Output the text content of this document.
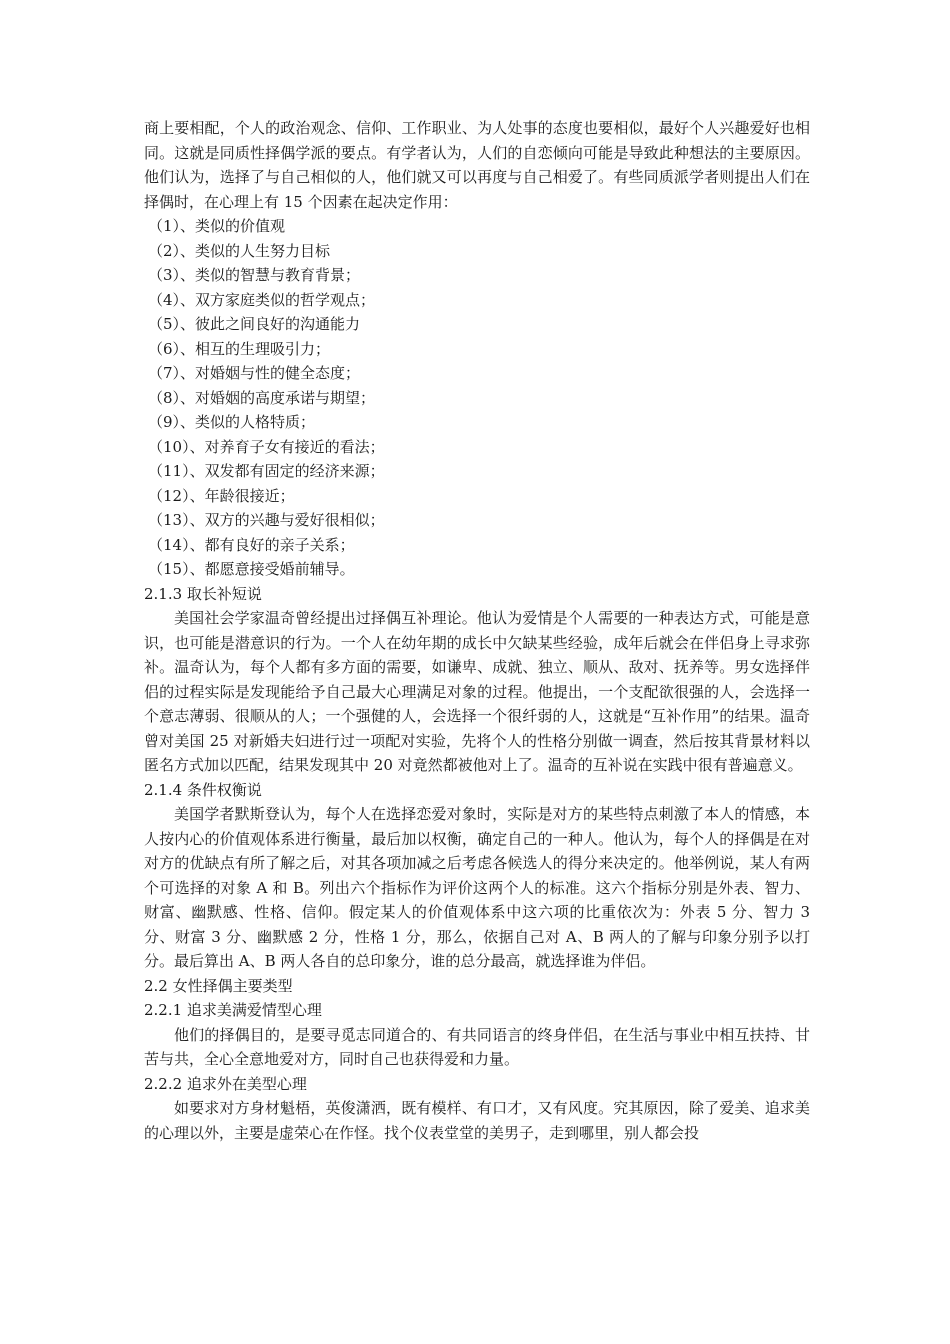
商上要相配，个人的政治观念、信仰、工作职业、为人处事的态度也要相似，最好个人兴趣爱好也相同。这就是同质性择偶学派的要点。有学者认为，人们的自恋倾向可能是导致此种想法的主要原因。他们认为，选择了与自己相似的人，他们就又可以再度与自己相爱了。有些同质派学者则提出人们在择偶时，在心理上有 15 个因素在起决定作用：

（1）、类似的价值观

（2）、类似的人生努力目标

（3）、类似的智慧与教育背景；

（4）、双方家庭类似的哲学观点；

（5）、彼此之间良好的沟通能力

（6）、相互的生理吸引力；

（7）、对婚姻与性的健全态度；

（8）、对婚姻的高度承诺与期望；

（9）、类似的人格特质；

（10）、对养育子女有接近的看法；

（11）、双发都有固定的经济来源；

（12）、年龄很接近；

（13）、双方的兴趣与爱好很相似；

（14）、都有良好的亲子关系；

（15）、都愿意接受婚前辅导。

2.1.3 取长补短说

美国社会学家温奇曾经提出过择偶互补理论。他认为爱情是个人需要的一种表达方式，可能是意识，也可能是潜意识的行为。一个人在幼年期的成长中欠缺某些经验，成年后就会在伴侣身上寻求弥补。温奇认为，每个人都有多方面的需要，如谦卑、成就、独立、顺从、敌对、抚养等。男女选择伴侣的过程实际是发现能给予自己最大心理满足对象的过程。他提出，一个支配欲很强的人，会选择一个意志薄弱、很顺从的人；一个强健的人，会选择一个很纤弱的人，这就是“互补作用”的结果。温奇曾对美国 25 对新婚夫妇进行过一项配对实验，先将个人的性格分别做一调查，然后按其背景材料以匿名方式加以匹配，结果发现其中 20 对竟然都被他对上了。温奇的互补说在实践中很有普遍意义。

2.1.4 条件权衡说

美国学者默斯登认为，每个人在选择恋爱对象时，实际是对方的某些特点刺激了本人的情感，本人按内心的价值观体系进行衡量，最后加以权衡，确定自己的一种人。他认为，每个人的择偶是在对对方的优缺点有所了解之后，对其各项加减之后考虑各候选人的得分来决定的。他举例说，某人有两个可选择的对象 A 和 B。列出六个指标作为评价这两个人的标准。这六个指标分别是外表、智力、财富、幽默感、性格、信仰。假定某人的价值观体系中这六项的比重依次为：外表 5 分、智力 3 分、财富 3 分、幽默感 2 分，性格 1 分，那么，依据自己对 A、B 两人的了解与印象分别予以打分。最后算出 A、B 两人各自的总印象分，谁的总分最高，就选择谁为伴侣。

2.2 女性择偶主要类型

2.2.1 追求美满爱情型心理

他们的择偶目的，是要寻觅志同道合的、有共同语言的终身伴侣，在生活与事业中相互扶持、甘苦与共，全心全意地爱对方，同时自己也获得爱和力量。

2.2.2 追求外在美型心理

如要求对方身材魁梧，英俊潇洒，既有模样、有口才，又有风度。究其原因，除了爱美、追求美的心理以外，主要是虚荣心在作怪。找个仪表堂堂的美男子，走到哪里，别人都会投
